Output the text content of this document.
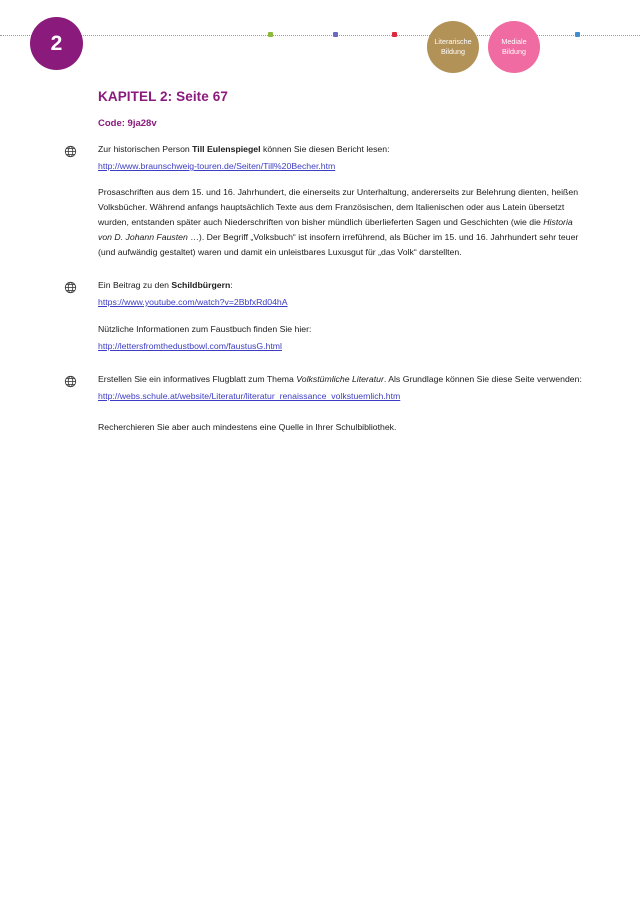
2	Literarische
Bildung
Mediale
Bildung
KAPITEL 2: Seite 67
Code: 9ja28v
Zur historischen Person Till Eulenspiegel können Sie diesen Bericht lesen:
http://www.braunschweig-touren.de/Seiten/Till%20Becher.htm
Prosaschriften aus dem 15. und 16. Jahrhundert, die einerseits zur Unterhaltung, andererseits zur Belehrung dienten, heißen Volksbücher. Während anfangs hauptsächlich Texte aus dem Französischen, dem Italienischen oder aus Latein übersetzt wurden, entstanden später auch Niederschriften von bisher mündlich überlieferten Sagen und Geschichten (wie die Historia von D. Johann Fausten …). Der Begriff „Volksbuch“ ist insofern irreführend, als Bücher im 15. und 16. Jahrhundert sehr teuer (und aufwändig gestaltet) waren und damit ein unleistbares Luxusgut für „das Volk“ darstellten.
Ein Beitrag zu den Schildbürgern:
https://www.youtube.com/watch?v=2BbfxRd04hA
Nützliche Informationen zum Faustbuch finden Sie hier:
http://lettersfromthedustbowl.com/faustusG.html
Erstellen Sie ein informatives Flugblatt zum Thema Volkstümliche Literatur. Als Grundlage können Sie diese Seite verwenden:
http://webs.schule.at/website/Literatur/literatur_renaissance_volkstuemlich.htm
Recherchieren Sie aber auch mindestens eine Quelle in Ihrer Schulbibliothek.
